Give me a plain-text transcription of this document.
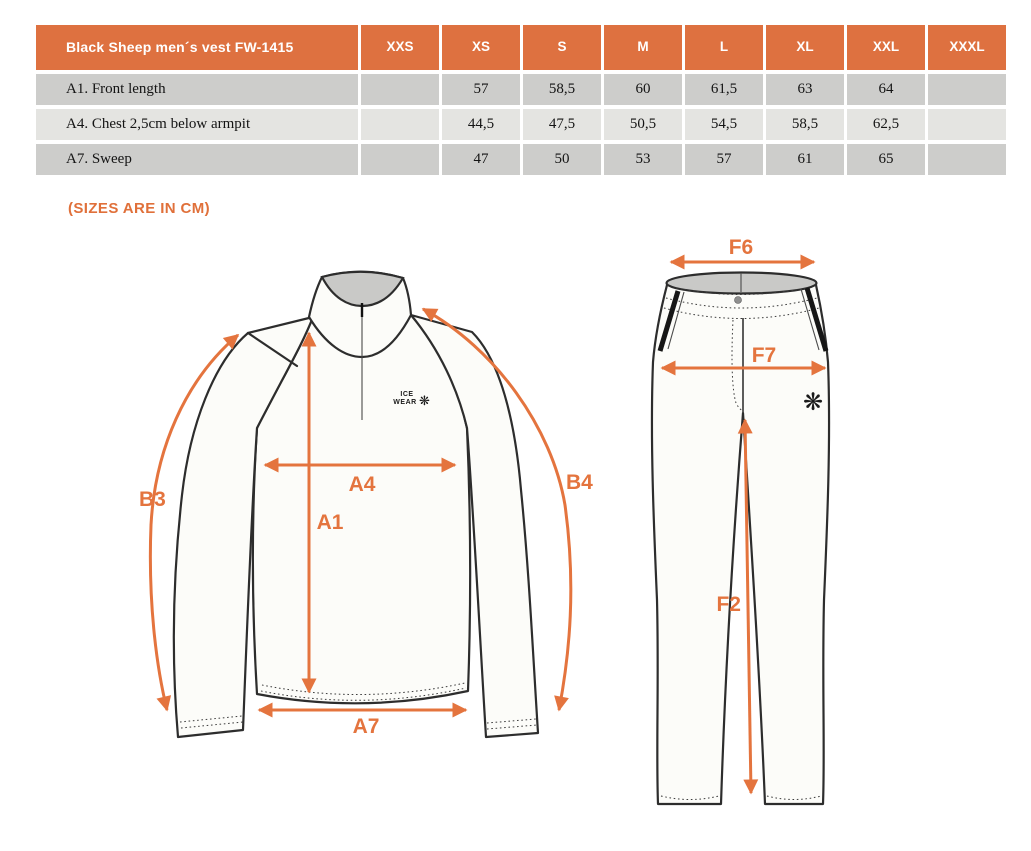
Black Sheep men´s vest FW-1415	XXS	XS	S	M	L	XL	XXL	XXXL
A1. Front length		57	58,5	60	61,5	63	64	
A4. Chest 2,5cm below armpit		44,5	47,5	50,5	54,5	58,5	62,5	
A7. Sweep		47	50	53	57	61	65	
(SIZES ARE IN CM)
ICE
WEAR ❋
B3
B4
A4
A1
A7
❋
F6
F7
F2
